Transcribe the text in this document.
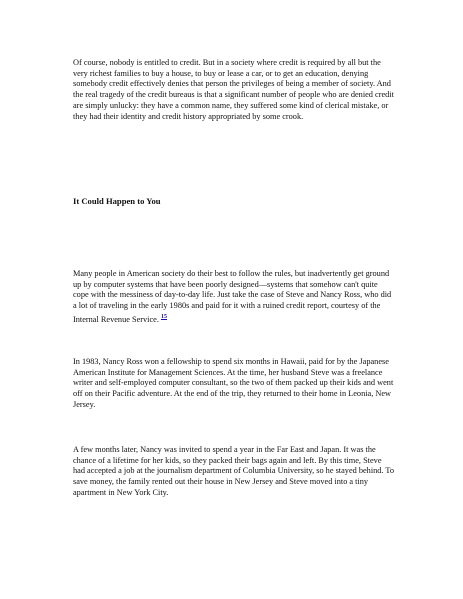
Of course, nobody is entitled to credit. But in a society where credit is required by all but the very richest families to buy a house, to buy or lease a car, or to get an education, denying somebody credit effectively denies that person the privileges of being a member of society. And the real tragedy of the credit bureaus is that a significant number of people who are denied credit are simply unlucky: they have a common name, they suffered some kind of clerical mistake, or they had their identity and credit history appropriated by some crook.

It Could Happen to You

Many people in American society do their best to follow the rules, but inadvertently get ground up by computer systems that have been poorly designed—systems that somehow can't quite cope with the messiness of day-to-day life. Just take the case of Steve and Nancy Ross, who did a lot of traveling in the early 1980s and paid for it with a ruined credit report, courtesy of the Internal Revenue Service. $^{15}$

In 1983, Nancy Ross won a fellowship to spend six months in Hawaii, paid for by the Japanese American Institute for Management Sciences. At the time, her husband Steve was a freelance writer and self-employed computer consultant, so the two of them packed up their kids and went off on their Pacific adventure. At the end of the trip, they returned to their home in Leonia, New Jersey.

A few months later, Nancy was invited to spend a year in the Far East and Japan. It was the chance of a lifetime for her kids, so they packed their bags again and left. By this time, Steve had accepted a job at the journalism department of Columbia University, so he stayed behind. To save money, the family rented out their house in New Jersey and Steve moved into a tiny apartment in New York City.
